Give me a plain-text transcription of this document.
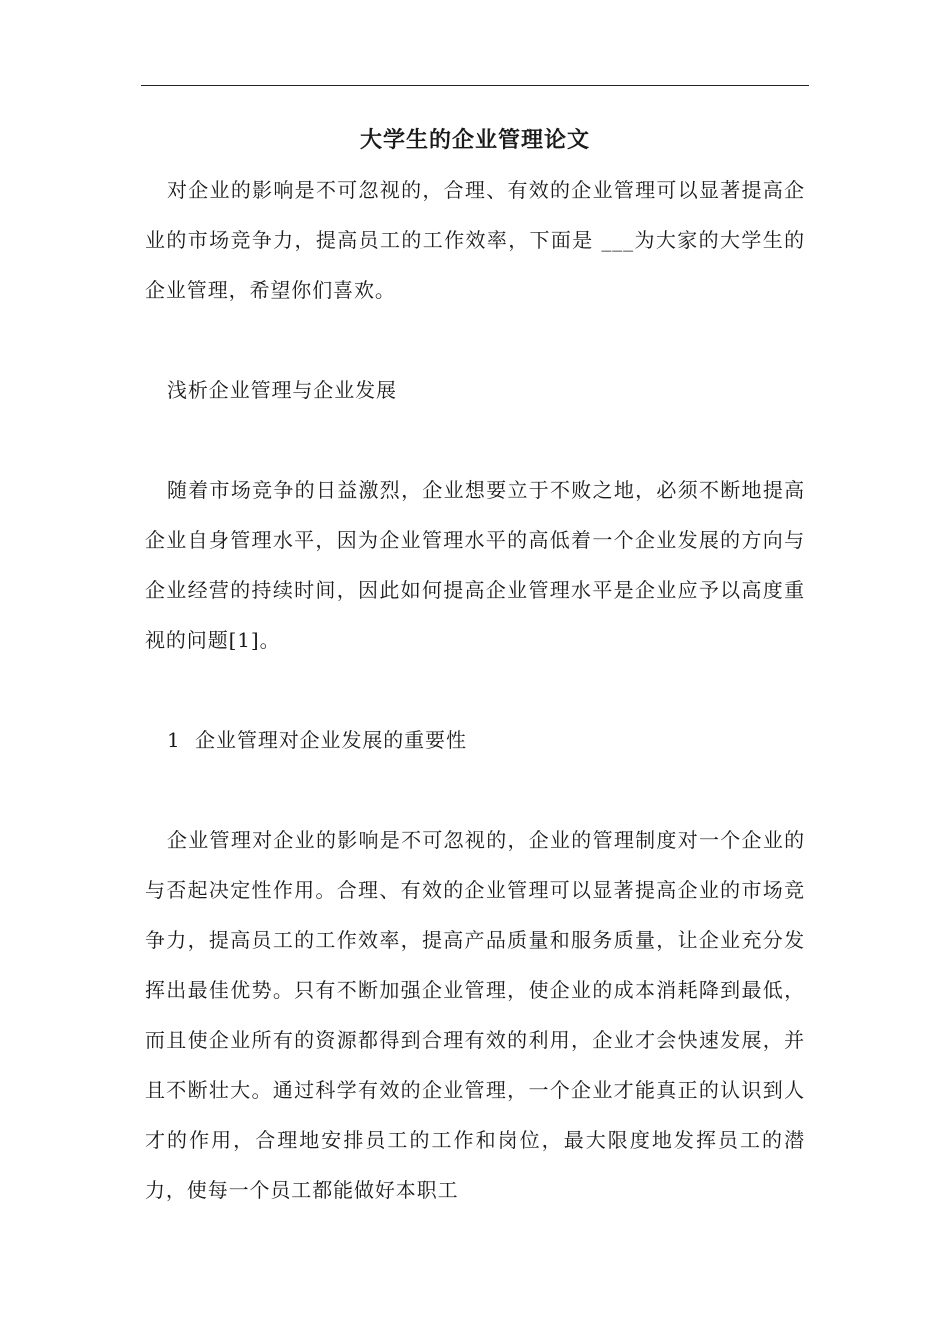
大学生的企业管理论文

对企业的影响是不可忽视的，合理、有效的企业管理可以显著提高企业的市场竞争力，提高员工的工作效率，下面是 ___为大家的大学生的企业管理，希望你们喜欢。

浅析企业管理与企业发展

随着市场竞争的日益激烈，企业想要立于不败之地，必须不断地提高企业自身管理水平，因为企业管理水平的高低着一个企业发展的方向与企业经营的持续时间，因此如何提高企业管理水平是企业应予以高度重视的问题[1]。

1  企业管理对企业发展的重要性

企业管理对企业的影响是不可忽视的，企业的管理制度对一个企业的与否起决定性作用。合理、有效的企业管理可以显著提高企业的市场竞争力，提高员工的工作效率，提高产品质量和服务质量，让企业充分发挥出最佳优势。只有不断加强企业管理，使企业的成本消耗降到最低，而且使企业所有的资源都得到合理有效的利用，企业才会快速发展，并且不断壮大。通过科学有效的企业管理，一个企业才能真正的认识到人才的作用，合理地安排员工的工作和岗位，最大限度地发挥员工的潜力，使每一个员工都能做好本职工
